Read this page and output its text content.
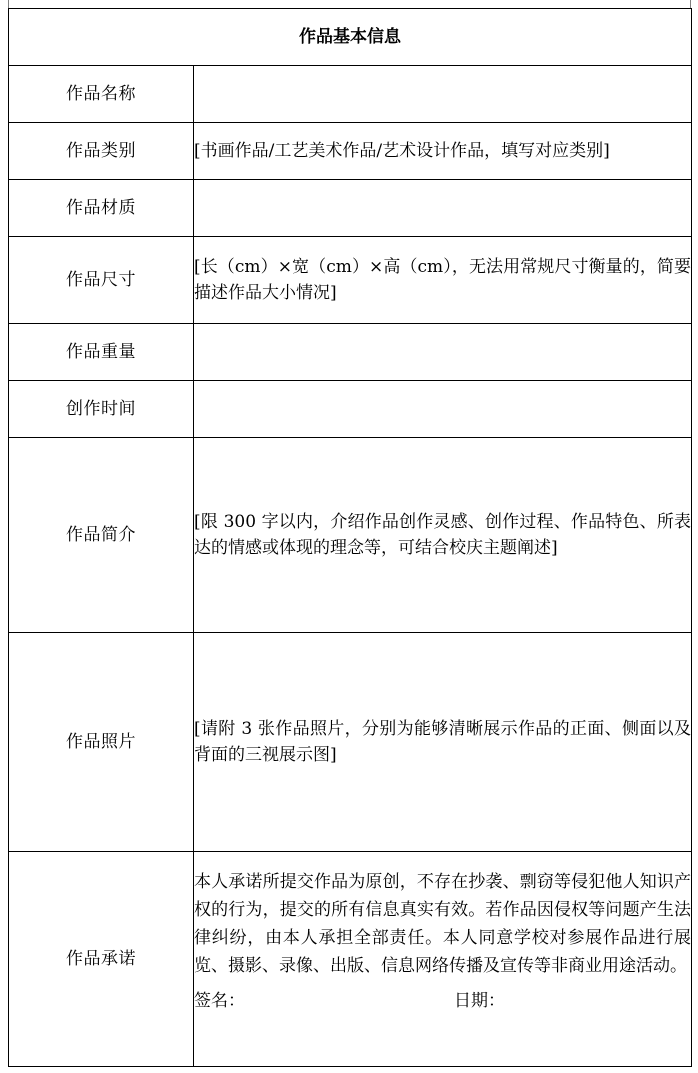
作品基本信息	
作品名称	
作品类别	[书画作品/工艺美术作品/艺术设计作品，填写对应类别]
作品材质	
作品尺寸	[长（cm）×宽（cm）×高（cm），无法用常规尺寸衡量的，简要描述作品大小情况]
作品重量	
创作时间	
作品简介	[限 300 字以内，介绍作品创作灵感、创作过程、作品特色、所表达的情感或体现的理念等，可结合校庆主题阐述]
作品照片	[请附 3 张作品照片，分别为能够清晰展示作品的正面、侧面以及背面的三视展示图]
作品承诺	本人承诺所提交作品为原创，不存在抄袭、剽窃等侵犯他人知识产权的行为，提交的所有信息真实有效。若作品因侵权等问题产生法律纠纷，由本人承担全部责任。本人同意学校对参展作品进行展览、摄影、录像、出版、信息网络传播及宣传等非商业用途活动。
签名： 日期：
